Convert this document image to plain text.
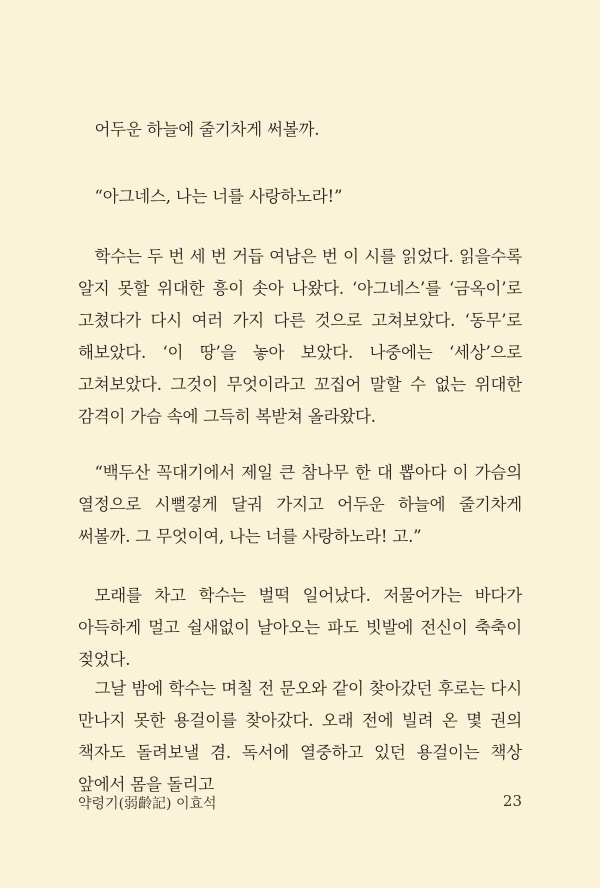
어두운 하늘에 줄기차게 써볼까.

“아그네스, 나는 너를 사랑하노라!”

학수는 두 번 세 번 거듭 여남은 번 이 시를 읽었다. 읽을수록 알지 못할 위대한 흥이 솟아 나왔다. ‘아그네스’를 ‘금옥이’로 고쳤다가 다시 여러 가지 다른 것으로 고쳐보았다. ‘동무’로 해보았다. ‘이 땅’을 놓아 보았다. 나중에는 ‘세상’으로 고쳐보았다. 그것이 무엇이라고 꼬집어 말할 수 없는 위대한 감격이 가슴 속에 그득히 복받쳐 올라왔다.

“백두산 꼭대기에서 제일 큰 참나무 한 대 뽑아다 이 가슴의 열정으로 시뻘겋게 달궈 가지고 어두운 하늘에 줄기차게 써볼까. 그 무엇이여, 나는 너를 사랑하노라! 고.”

모래를 차고 학수는 벌떡 일어났다. 저물어가는 바다가 아득하게 멀고 쉴새없이 날아오는 파도 빗발에 전신이 축축이 젖었다.

그날 밤에 학수는 며칠 전 문오와 같이 찾아갔던 후로는 다시 만나지 못한 용걸이를 찾아갔다. 오래 전에 빌려 온 몇 권의 책자도 돌려보낼 겸. 독서에 열중하고 있던 용걸이는 책상 앞에서 몸을 돌리고

약령기(弱齡記) 이효석	23
